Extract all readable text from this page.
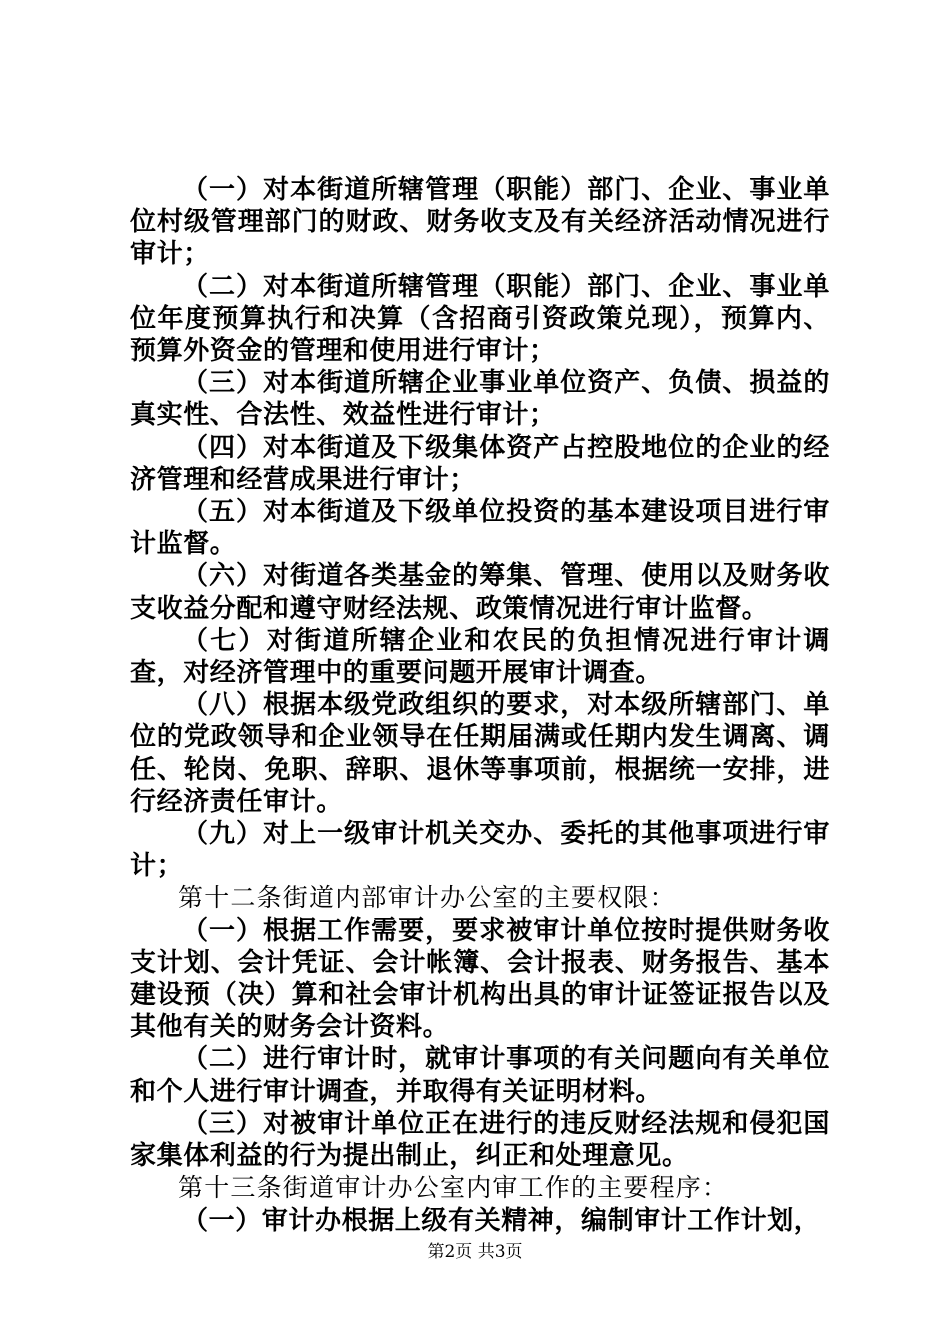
（一）对本街道所辖管理（职能）部门、企业、事业单位村级管理部门的财政、财务收支及有关经济活动情况进行审计；

（二）对本街道所辖管理（职能）部门、企业、事业单位年度预算执行和决算（含招商引资政策兑现），预算内、预算外资金的管理和使用进行审计；

（三）对本街道所辖企业事业单位资产、负债、损益的真实性、合法性、效益性进行审计；

（四）对本街道及下级集体资产占控股地位的企业的经济管理和经营成果进行审计；

（五）对本街道及下级单位投资的基本建设项目进行审计监督。

（六）对街道各类基金的筹集、管理、使用以及财务收支收益分配和遵守财经法规、政策情况进行审计监督。

（七）对街道所辖企业和农民的负担情况进行审计调查，对经济管理中的重要问题开展审计调查。

（八）根据本级党政组织的要求，对本级所辖部门、单位的党政领导和企业领导在任期届满或任期内发生调离、调任、轮岗、免职、辞职、退休等事项前，根据统一安排，进行经济责任审计。

（九）对上一级审计机关交办、委托的其他事项进行审计；

第十二条街道内部审计办公室的主要权限：

（一）根据工作需要，要求被审计单位按时提供财务收支计划、会计凭证、会计帐簿、会计报表、财务报告、基本建设预（决）算和社会审计机构出具的审计证签证报告以及其他有关的财务会计资料。

（二）进行审计时，就审计事项的有关问题向有关单位和个人进行审计调查，并取得有关证明材料。

（三）对被审计单位正在进行的违反财经法规和侵犯国家集体利益的行为提出制止，纠正和处理意见。

第十三条街道审计办公室内审工作的主要程序：

（一）审计办根据上级有关精神，编制审计工作计划，

第2页 共3页
